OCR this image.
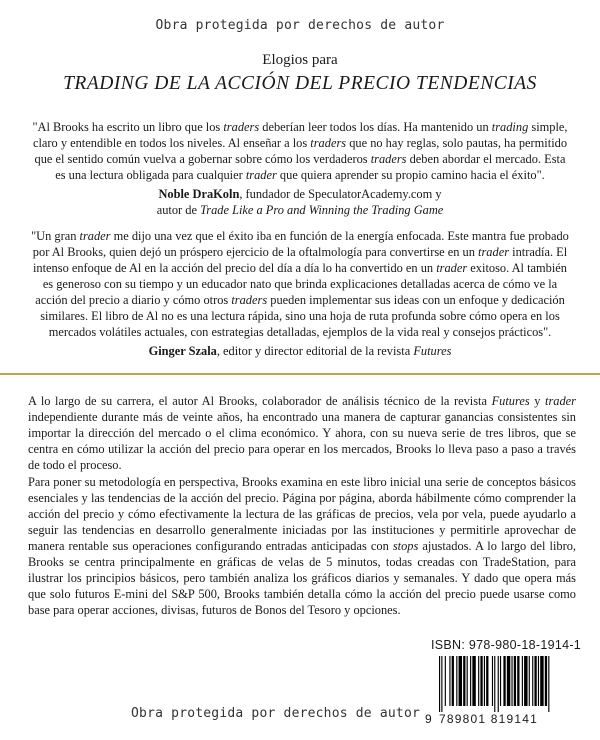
Obra protegida por derechos de autor
Elogios para
TRADING DE LA ACCIÓN DEL PRECIO TENDENCIAS
"Al Brooks ha escrito un libro que los traders deberían leer todos los días. Ha mantenido un trading simple, claro y entendible en todos los niveles. Al enseñar a los traders que no hay reglas, solo pautas, ha permitido que el sentido común vuelva a gobernar sobre cómo los verdaderos traders deben abordar el mercado. Esta es una lectura obligada para cualquier trader que quiera aprender su propio camino hacia el éxito".
Noble DraKoln, fundador de SpeculatorAcademy.com y
autor de Trade Like a Pro and Winning the Trading Game
"Un gran trader me dijo una vez que el éxito iba en función de la energía enfocada. Este mantra fue probado por Al Brooks, quien dejó un próspero ejercicio de la oftalmología para convertirse en un trader intradía. El intenso enfoque de Al en la acción del precio del día a día lo ha convertido en un trader exitoso. Al también es generoso con su tiempo y un educador nato que brinda explicaciones detalladas acerca de cómo ve la acción del precio a diario y cómo otros traders pueden implementar sus ideas con un enfoque y dedicación similares. El libro de Al no es una lectura rápida, sino una hoja de ruta profunda sobre cómo opera en los mercados volátiles actuales, con estrategias detalladas, ejemplos de la vida real y consejos prácticos".
Ginger Szala, editor y director editorial de la revista Futures

A lo largo de su carrera, el autor Al Brooks, colaborador de análisis técnico de la revista Futures y trader independiente durante más de veinte años, ha encontrado una manera de capturar ganancias consistentes sin importar la dirección del mercado o el clima económico. Y ahora, con su nueva serie de tres libros, que se centra en cómo utilizar la acción del precio para operar en los mercados, Brooks lo lleva paso a paso a través de todo el proceso.

Para poner su metodología en perspectiva, Brooks examina en este libro inicial una serie de conceptos básicos esenciales y las tendencias de la acción del precio. Página por página, aborda hábilmente cómo comprender la acción del precio y cómo efectivamente la lectura de las gráficas de precios, vela por vela, puede ayudarlo a seguir las tendencias en desarrollo generalmente iniciadas por las instituciones y permitirle aprovechar de manera rentable sus operaciones configurando entradas anticipadas con stops ajustados. A lo largo del libro, Brooks se centra principalmente en gráficas de velas de 5 minutos, todas creadas con TradeStation, para ilustrar los principios básicos, pero también analiza los gráficos diarios y semanales. Y dado que opera más que solo futuros E-mini del S&P 500, Brooks también detalla cómo la acción del precio puede usarse como base para operar acciones, divisas, futuros de Bonos del Tesoro y opciones.

ISBN: 978-980-18-1914-1
9 789801 819141
Obra protegida por derechos de autor
